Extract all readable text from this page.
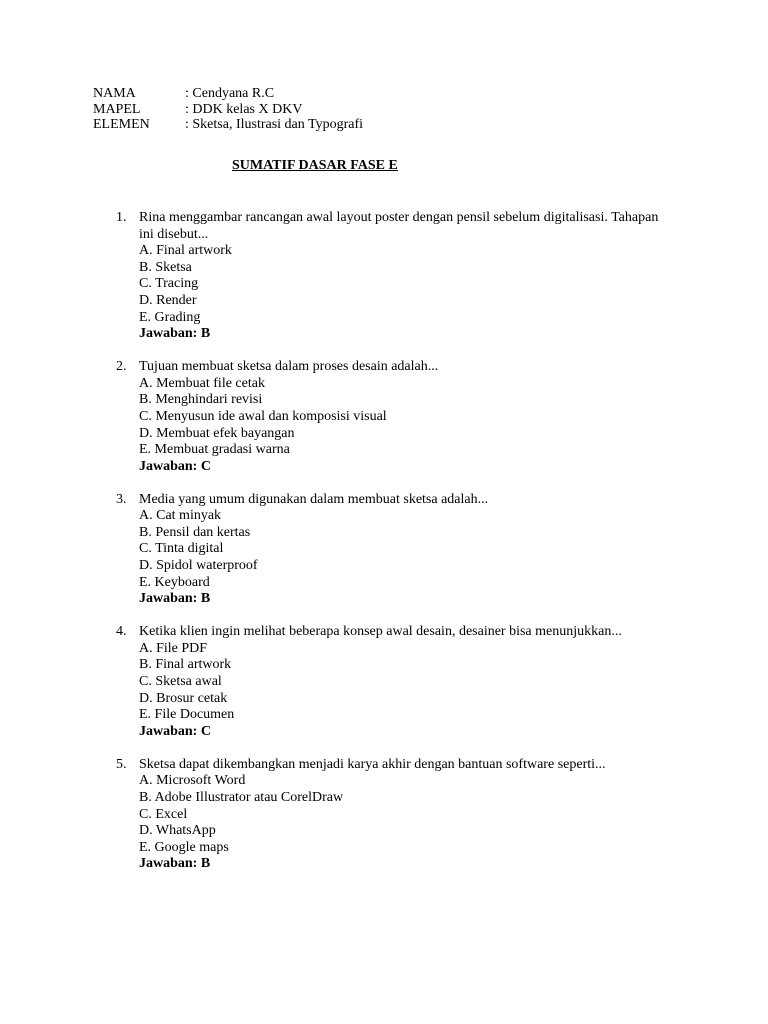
NAMA	: Cendyana R.C
MAPEL	: DDK kelas X DKV
ELEMEN	: Sketsa, Ilustrasi dan Typografi
SUMATIF DASAR FASE E
1. Rina menggambar rancangan awal layout poster dengan pensil sebelum digitalisasi. Tahapan ini disebut...
A. Final artwork
B. Sketsa
C. Tracing
D. Render
E. Grading
Jawaban: B
2. Tujuan membuat sketsa dalam proses desain adalah...
A. Membuat file cetak
B. Menghindari revisi
C. Menyusun ide awal dan komposisi visual
D. Membuat efek bayangan
E. Membuat gradasi warna
Jawaban: C
3. Media yang umum digunakan dalam membuat sketsa adalah...
A. Cat minyak
B. Pensil dan kertas
C. Tinta digital
D. Spidol waterproof
E. Keyboard
Jawaban: B
4. Ketika klien ingin melihat beberapa konsep awal desain, desainer bisa menunjukkan...
A. File PDF
B. Final artwork
C. Sketsa awal
D. Brosur cetak
E. File Documen
Jawaban: C
5. Sketsa dapat dikembangkan menjadi karya akhir dengan bantuan software seperti...
A. Microsoft Word
B. Adobe Illustrator atau CorelDraw
C. Excel
D. WhatsApp
E. Google maps
Jawaban: B
